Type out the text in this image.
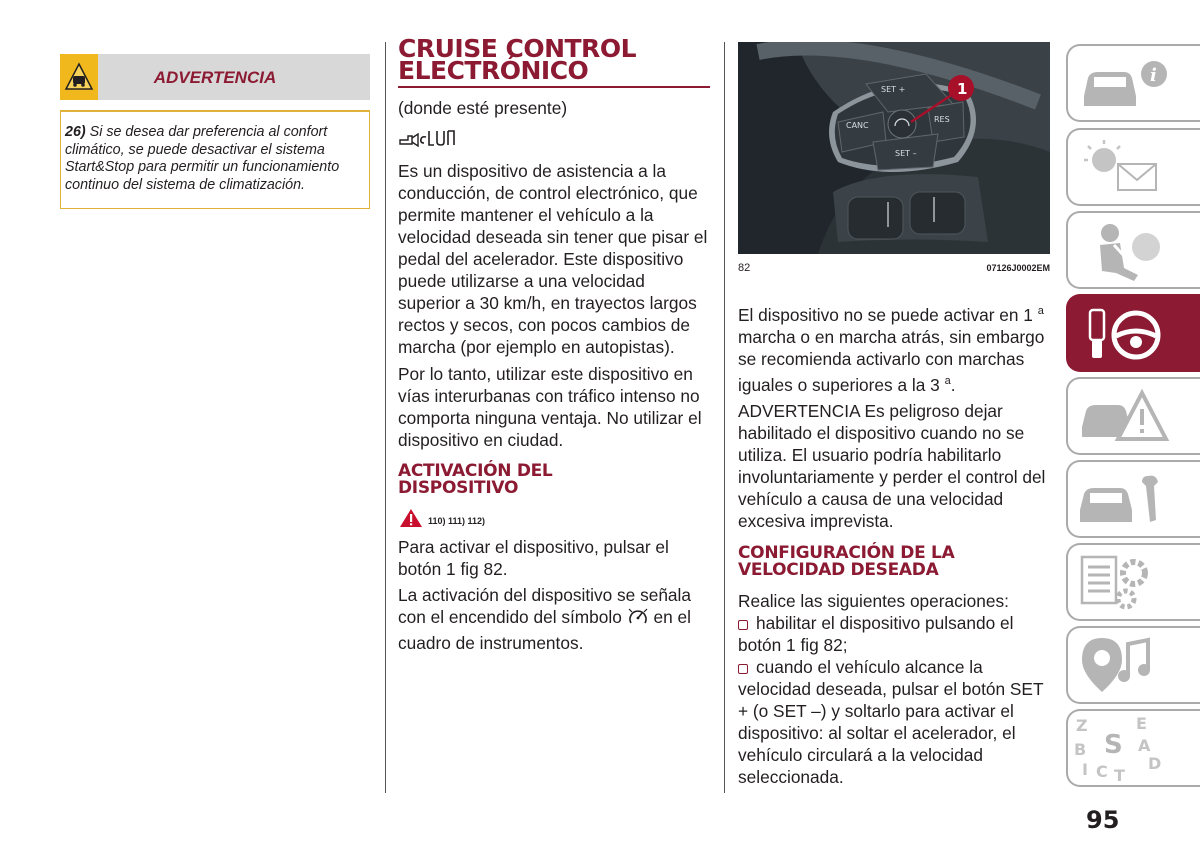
ADVERTENCIA
26) Si se desea dar preferencia al confort climático, se puede desactivar el sistema Start&Stop para permitir un funcionamiento continuo del sistema de climatización.
CRUISE CONTROL
ELECTRÓNICO
(donde esté presente)
Es un dispositivo de asistencia a la conducción, de control electrónico, que permite mantener el vehículo a la velocidad deseada sin tener que pisar el pedal del acelerador. Este dispositivo puede utilizarse a una velocidad superior a 30 km/h, en trayectos largos rectos y secos, con pocos cambios de marcha (por ejemplo en autopistas).
Por lo tanto, utilizar este dispositivo en vías interurbanas con tráfico intenso no comporta ninguna ventaja. No utilizar el dispositivo en ciudad.
ACTIVACIÓN DEL
DISPOSITIVO
110) 111) 112)
Para activar el dispositivo, pulsar el botón 1 fig 82.
La activación del dispositivo se señala con el encendido del símbolo en el cuadro de instrumentos.
SET +
CANC
RES
SET –
1
82	07126J0002EM
El dispositivo no se puede activar en 1 $^a$ marcha o en marcha atrás, sin embargo se recomienda activarlo con marchas iguales o superiores a la 3 $^a$.
ADVERTENCIA Es peligroso dejar habilitado el dispositivo cuando no se utiliza. El usuario podría habilitarlo involuntariamente y perder el control del vehículo a causa de una velocidad excesiva imprevista.
CONFIGURACIÓN DE LA
VELOCIDAD DESEADA
Realice las siguientes operaciones:
habilitar el dispositivo pulsando el botón 1 fig 82;
cuando el vehículo alcance la velocidad deseada, pulsar el botón SET + (o SET –) y soltarlo para activar el dispositivo: al soltar el acelerador, el vehículo circulará a la velocidad seleccionada.
i
Z	E
B S A
I C T
D
95
